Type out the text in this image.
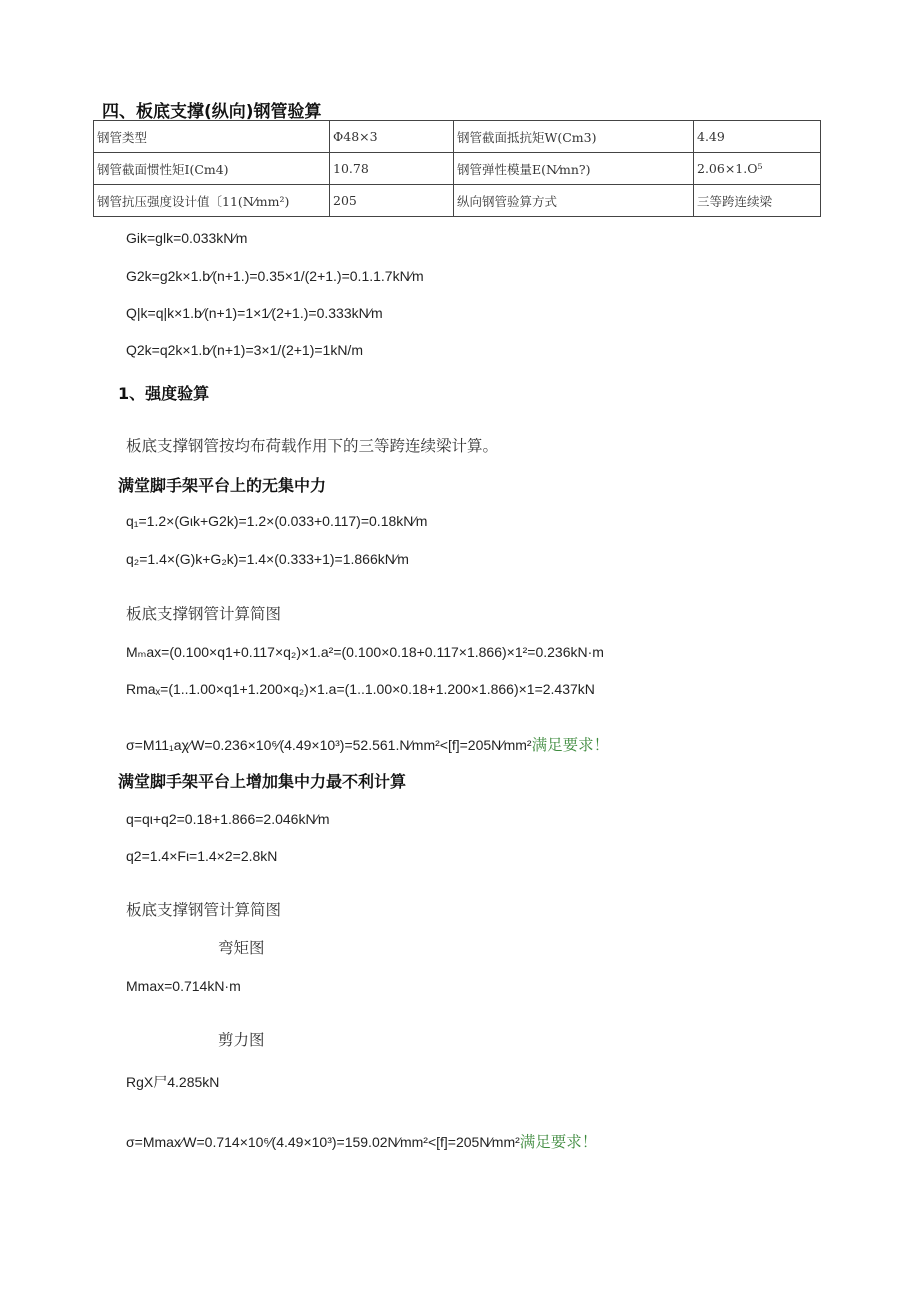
四、板底支撑(纵向)钢管验算
钢管类型	Φ48×3	钢管截面抵抗矩W(Cm3)	4.49
钢管截面惯性矩I(Cm4)	10.78	钢管弹性模量E(N⁄mn?)	2.06×1.O⁵
钢管抗压强度设计值〔11(N⁄mm²)	205	纵向钢管验算方式	三等跨连续梁
Gik=glk=0.033kN⁄m
G2k=g2k×1.b⁄(n+1.)=0.35×1/(2+1.)=0.1.1.7kN⁄m
Q|k=q|k×1.b⁄(n+1)=1×1⁄(2+1.)=0.333kN⁄m
Q2k=q2k×1.b⁄(n+1)=3×1/(2+1)=1kN/m
1、强度验算
板底支撑钢管按均布荷载作用下的三等跨连续梁计算。
满堂脚手架平台上的无集中力
q₁=1.2×(Gιk+G2k)=1.2×(0.033+0.117)=0.18kN⁄m
q₂=1.4×(G)k+G₂k)=1.4×(0.333+1)=1.866kN⁄m
板底支撑钢管计算简图
Mₘax=(0.100×q1+0.117×q₂)×1.a²=(0.100×0.18+0.117×1.866)×1²=0.236kN·m
Rmaₓ=(1..1.00×q1+1.200×q₂)×1.a=(1..1.00×0.18+1.200×1.866)×1=2.437kN
σ=M11₁aχ⁄W=0.236×10⁶⁄(4.49×10³)=52.561.N⁄mm²<[f]=205N⁄mm²满足要求！
满堂脚手架平台上增加集中力最不利计算
q=qι+q2=0.18+1.866=2.046kN⁄m
q2=1.4×Fι=1.4×2=2.8kN
板底支撑钢管计算简图
弯矩图
Mmax=0.714kN·m
剪力图
RgX尸4.285kN
σ=Mmax⁄W=0.714×10⁶⁄(4.49×10³)=159.02N⁄mm²<[f]=205N⁄mm²满足要求！
